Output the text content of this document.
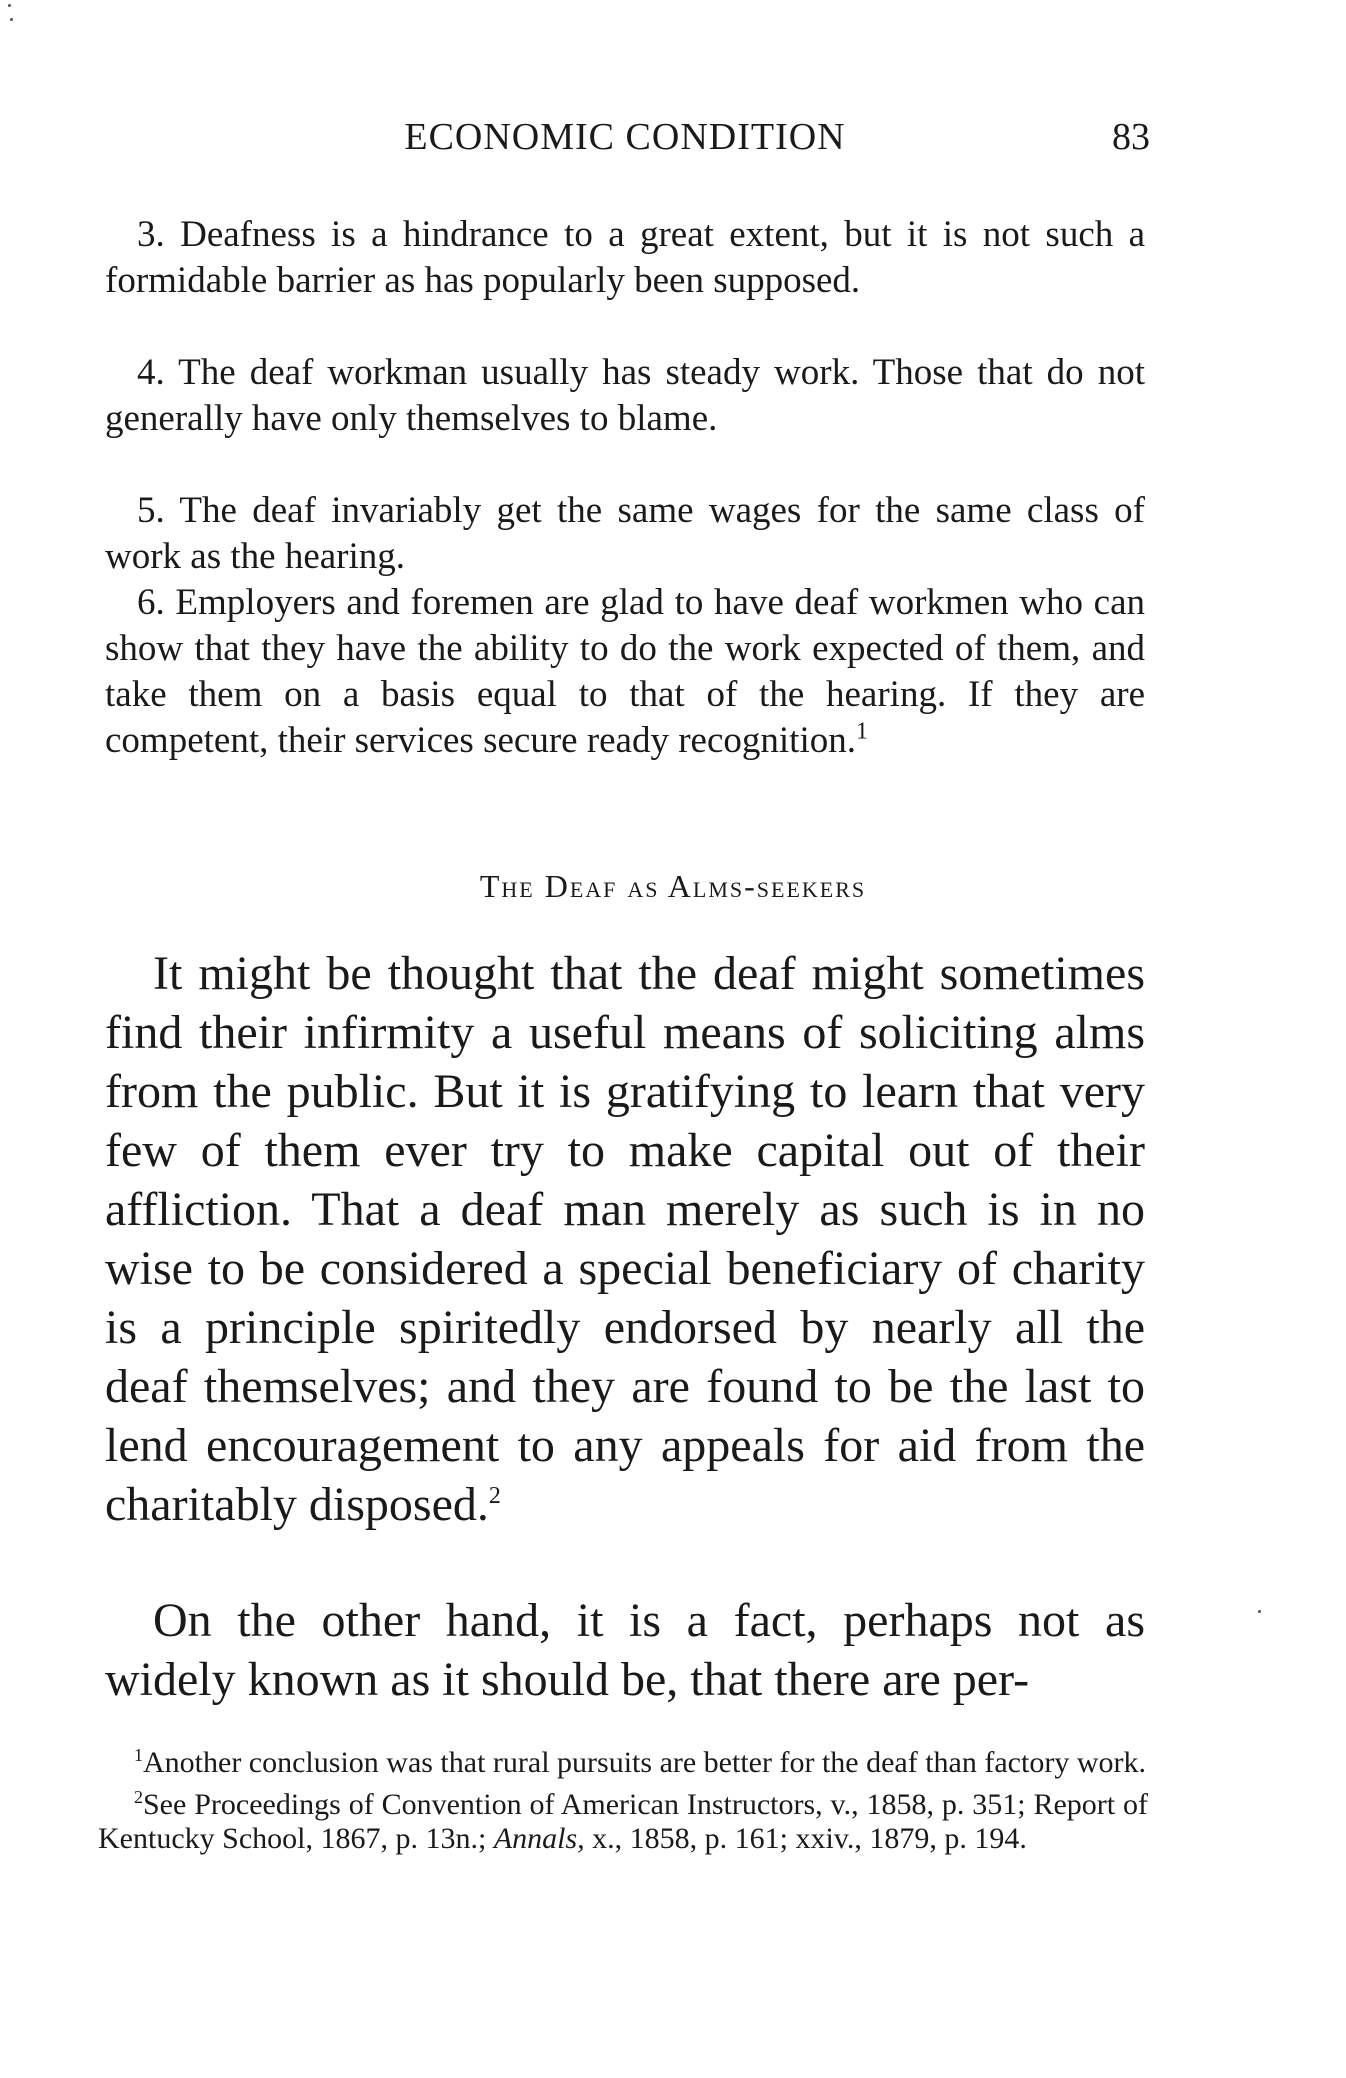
ECONOMIC CONDITION	83

3. Deafness is a hindrance to a great extent, but it is not such a formidable barrier as has popularly been supposed.

4. The deaf workman usually has steady work. Those that do not generally have only themselves to blame.

5. The deaf invariably get the same wages for the same class of work as the hearing.

6. Employers and foremen are glad to have deaf workmen who can show that they have the ability to do the work expected of them, and take them on a basis equal to that of the hearing. If they are competent, their services secure ready recognition.$^1$

The Deaf as Alms-seekers

It might be thought that the deaf might sometimes find their infirmity a useful means of soliciting alms from the public. But it is gratifying to learn that very few of them ever try to make capital out of their affliction. That a deaf man merely as such is in no wise to be considered a special beneficiary of charity is a principle spiritedly endorsed by nearly all the deaf themselves; and they are found to be the last to lend encouragement to any appeals for aid from the charitably disposed.$^2$

On the other hand, it is a fact, perhaps not as widely known as it should be, that there are per-

$^1$Another conclusion was that rural pursuits are better for the deaf than factory work.

$^2$See Proceedings of Convention of American Instructors, v., 1858, p. 351; Report of Kentucky School, 1867, p. 13n.; Annals, x., 1858, p. 161; xxiv., 1879, p. 194.
